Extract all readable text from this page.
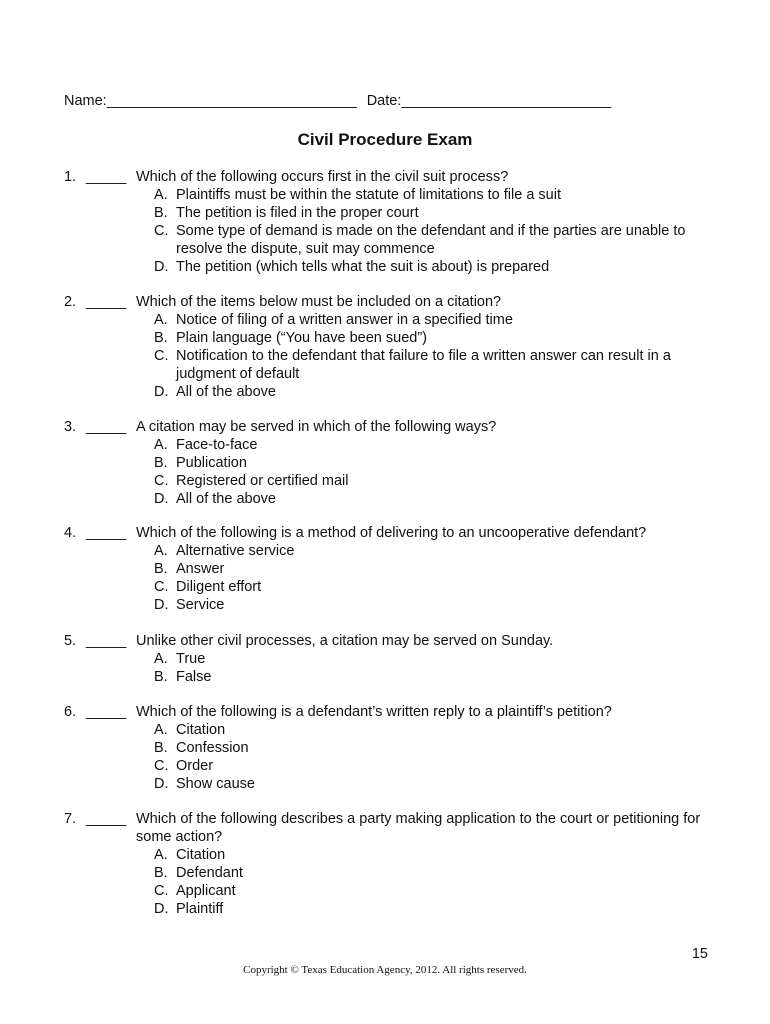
Name:_______________________________ Date:__________________________
Civil Procedure Exam
1. _____ Which of the following occurs first in the civil suit process?
A. Plaintiffs must be within the statute of limitations to file a suit
B. The petition is filed in the proper court
C. Some type of demand is made on the defendant and if the parties are unable to resolve the dispute, suit may commence
D. The petition (which tells what the suit is about) is prepared
2. _____ Which of the items below must be included on a citation?
A. Notice of filing of a written answer in a specified time
B. Plain language (“You have been sued”)
C. Notification to the defendant that failure to file a written answer can result in a judgment of default
D. All of the above
3. _____ A citation may be served in which of the following ways?
A. Face-to-face
B. Publication
C. Registered or certified mail
D. All of the above
4. _____ Which of the following is a method of delivering to an uncooperative defendant?
A. Alternative service
B. Answer
C. Diligent effort
D. Service
5. _____ Unlike other civil processes, a citation may be served on Sunday.
A. True
B. False
6. _____ Which of the following is a defendant’s written reply to a plaintiff’s petition?
A. Citation
B. Confession
C. Order
D. Show cause
7. _____ Which of the following describes a party making application to the court or petitioning for some action?
A. Citation
B. Defendant
C. Applicant
D. Plaintiff
15
Copyright © Texas Education Agency, 2012. All rights reserved.
